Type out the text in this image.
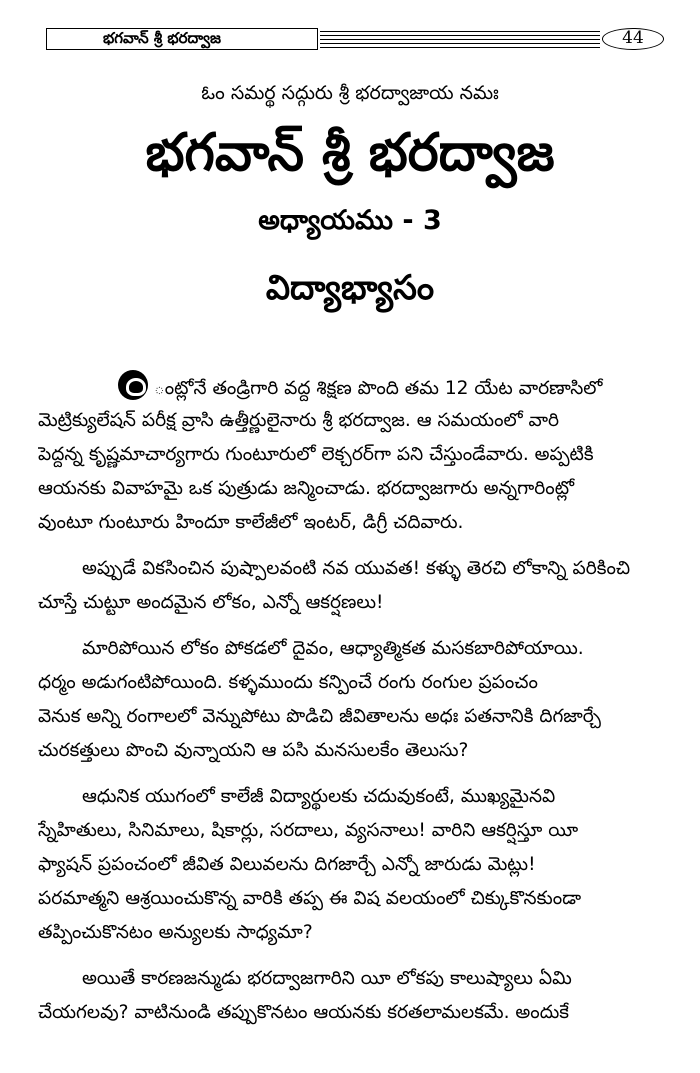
భగవాన్ శ్రీ భరద్వాజ	44
ఓం సమర్థ సద్గురు శ్రీ భరద్వాజాయ నమః
భగవాన్ శ్రీ భరద్వాజ
అధ్యాయము - 3
విద్యాభ్యాసం
ంట్లోనే తండ్రిగారి వద్ద శిక్షణ పొంది తమ 12 యేట వారణాసిలో
మెట్రిక్యులేషన్ పరీక్ష వ్రాసి ఉత్తీర్ణులైనారు శ్రీ భరద్వాజ. ఆ సమయంలో వారి
పెద్దన్న కృష్ణమాచార్యగారు గుంటూరులో లెక్చరర్‌గా పని చేస్తుండేవారు. అప్పటికి
ఆయనకు వివాహమై ఒక పుత్రుడు జన్మించాడు. భరద్వాజగారు అన్నగారింట్లో
వుంటూ గుంటూరు హిందూ కాలేజీలో ఇంటర్, డిగ్రీ చదివారు.
అప్పుడే వికసించిన పుష్పాలవంటి నవ యువత! కళ్ళు తెరచి లోకాన్ని పరికించి
చూస్తే చుట్టూ అందమైన లోకం, ఎన్నో ఆకర్షణలు!
మారిపోయిన లోకం పోకడలో దైవం, ఆధ్యాత్మికత మసకబారిపోయాయి.
ధర్మం అడుగంటిపోయింది. కళ్ళముందు కన్పించే రంగు రంగుల ప్రపంచం
వెనుక అన్ని రంగాలలో వెన్నుపోటు పొడిచి జీవితాలను అధః పతనానికి దిగజార్చే
చురకత్తులు పొంచి వున్నాయని ఆ పసి మనసులకేం తెలుసు?
ఆధునిక యుగంలో కాలేజీ విద్యార్థులకు చదువుకంటే, ముఖ్యమైనవి
స్నేహితులు, సినిమాలు, షికార్లు, సరదాలు, వ్యసనాలు! వారిని ఆకర్షిస్తూ యీ
ఫ్యాషన్ ప్రపంచంలో జీవిత విలువలను దిగజార్చే ఎన్నో జారుడు మెట్లు!
పరమాత్మని ఆశ్రయించుకొన్న వారికి తప్ప ఈ విష వలయంలో చిక్కుకొనకుండా
తప్పించుకొనటం అన్యులకు సాధ్యమా?
అయితే కారణజన్ముడు భరద్వాజగారిని యీ లోకపు కాలుష్యాలు ఏమి
చేయగలవు? వాటినుండి తప్పుకొనటం ఆయనకు కరతలామలకమే. అందుకే
